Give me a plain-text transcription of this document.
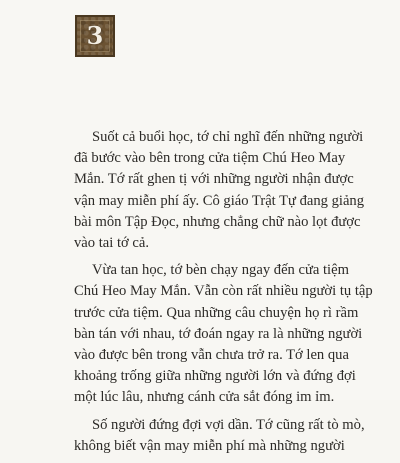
3

Suốt cả buổi học, tớ chỉ nghĩ đến những người
đã bước vào bên trong cửa tiệm Chú Heo May
Mắn. Tớ rất ghen tị với những người nhận được
vận may miễn phí ấy. Cô giáo Trật Tự đang giảng
bài môn Tập Đọc, nhưng chẳng chữ nào lọt được
vào tai tớ cả.

Vừa tan học, tớ bèn chạy ngay đến cửa tiệm
Chú Heo May Mắn. Vẫn còn rất nhiều người tụ tập
trước cửa tiệm. Qua những câu chuyện họ rì rầm
bàn tán với nhau, tớ đoán ngay ra là những người
vào được bên trong vẫn chưa trở ra. Tớ len qua
khoảng trống giữa những người lớn và đứng đợi
một lúc lâu, nhưng cánh cửa sắt đóng im ỉm.

Số người đứng đợi vợi dần. Tớ cũng rất tò mò,
không biết vận may miễn phí mà những người
